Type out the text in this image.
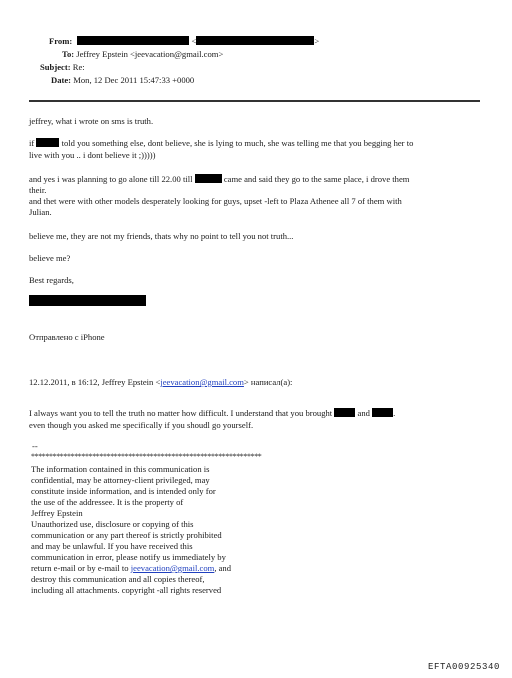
From:	<	>
To: Jeffrey Epstein <jeevacation@gmail.com>
Subject: Re:
Date: Mon, 12 Dec 2011 15:47:33 +0000
jeffrey, what i wrote on sms is truth.
if	told you something else, dont believe, she is lying to much, she was telling me that you begging her to
live with you .. i dont believe it ;)))))
and yes i was planning to go alone till 22.00 till	came and said they go to the same place, i drove them
their.
and thet were with other models desperately looking for guys, upset -left to Plaza Athenee all 7 of them with
Julian.
believe me, they are not my friends, thats why no point to tell you not truth...
believe me?
Best regards,
Отправлено с iPhone
12.12.2011, в 16:12, Jeffrey Epstein <jeevacation@gmail.com> написал(а):
I always want you to tell the truth no matter how difficult. I understand that you brought	and	.
even though you asked me specifically if you shoudl go yourself.
--
****************************************************************
The information contained in this communication is
confidential, may be attorney-client privileged, may
constitute inside information, and is intended only for
the use of the addressee. It is the property of
Jeffrey Epstein
Unauthorized use, disclosure or copying of this
communication or any part thereof is strictly prohibited
and may be unlawful. If you have received this
communication in error, please notify us immediately by
return e-mail or by e-mail to jeevacation@gmail.com, and
destroy this communication and all copies thereof,
including all attachments. copyright -all rights reserved
EFTA00925340
